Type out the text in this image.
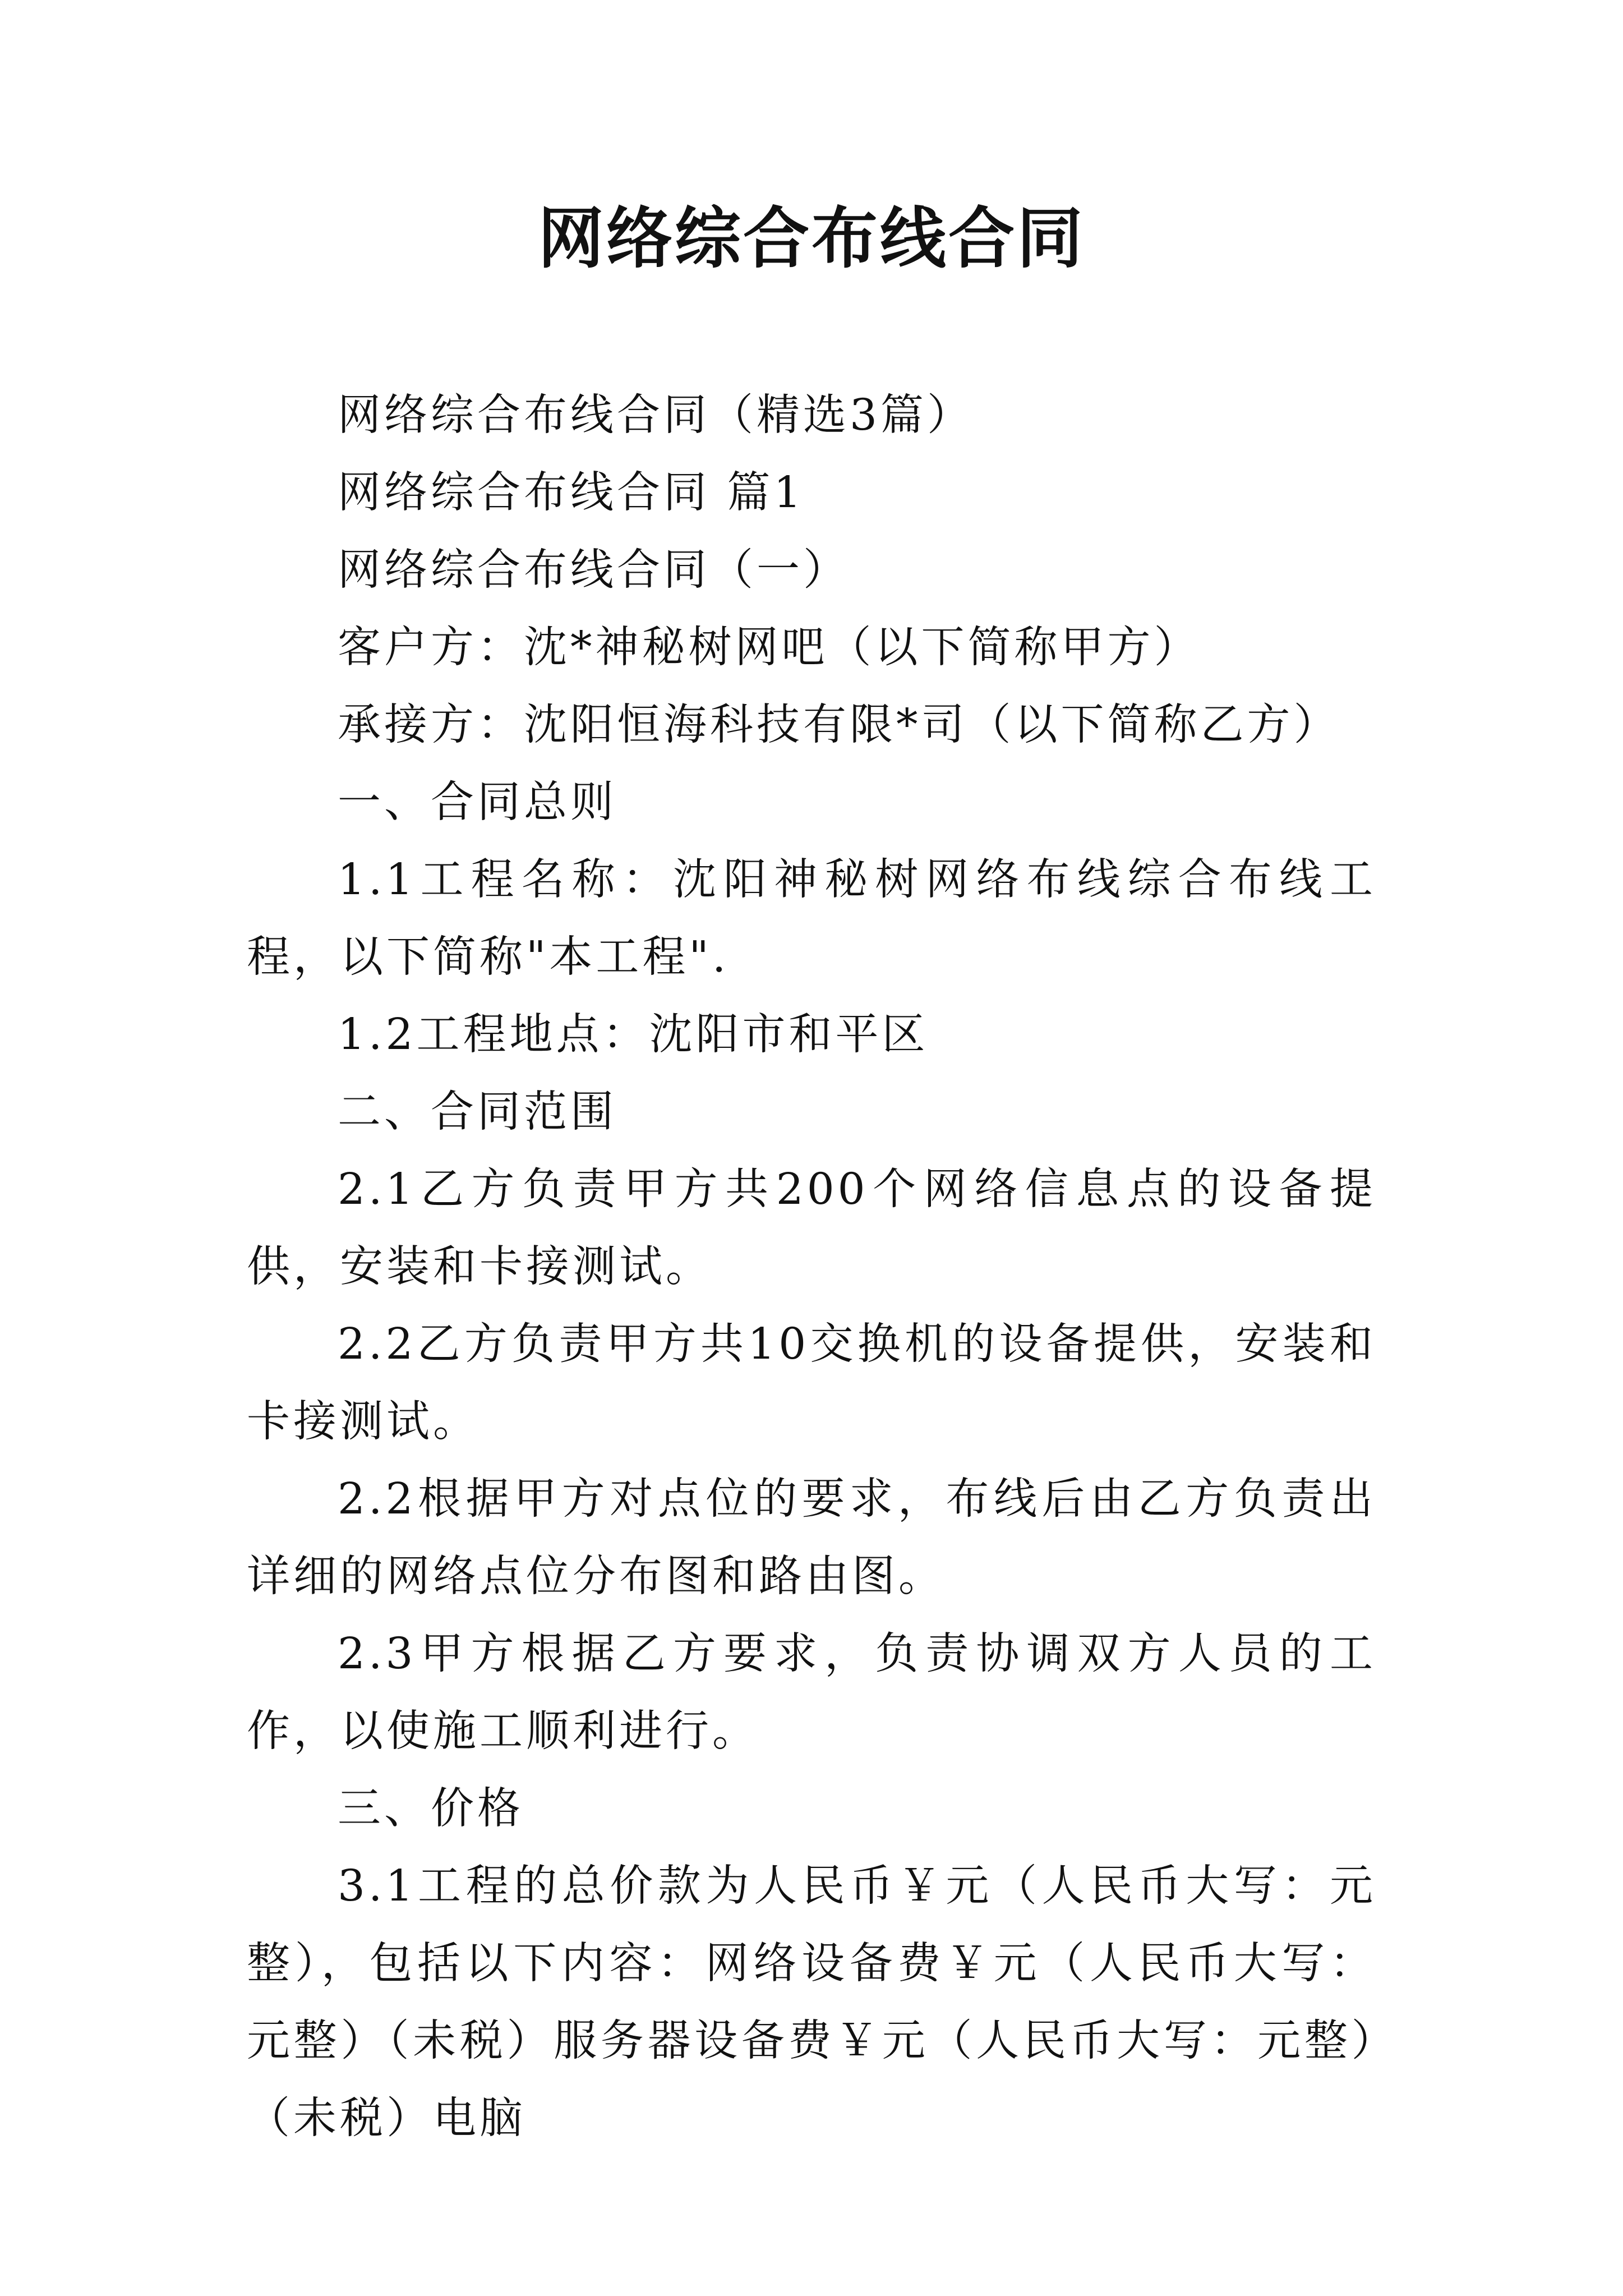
网络综合布线合同

网络综合布线合同（精选3篇）

网络综合布线合同 篇1

网络综合布线合同（一）

客户方：沈*神秘树网吧（以下简称甲方）

承接方：沈阳恒海科技有限*司（以下简称乙方）

一、合同总则

1.1工程名称：沈阳神秘树网络布线综合布线工程，以下简称"本工程".

1.2工程地点：沈阳市和平区

二、合同范围

2.1乙方负责甲方共200个网络信息点的设备提供，安装和卡接测试。

2.2乙方负责甲方共10交换机的设备提供，安装和卡接测试。

2.2根据甲方对点位的要求，布线后由乙方负责出详细的网络点位分布图和路由图。

2.3甲方根据乙方要求，负责协调双方人员的工作，以使施工顺利进行。

三、价格

3.1工程的总价款为人民币￥元（人民币大写：元整），包括以下内容：网络设备费￥元（人民币大写：元整）（未税）服务器设备费￥元（人民币大写：元整）（未税）电脑
